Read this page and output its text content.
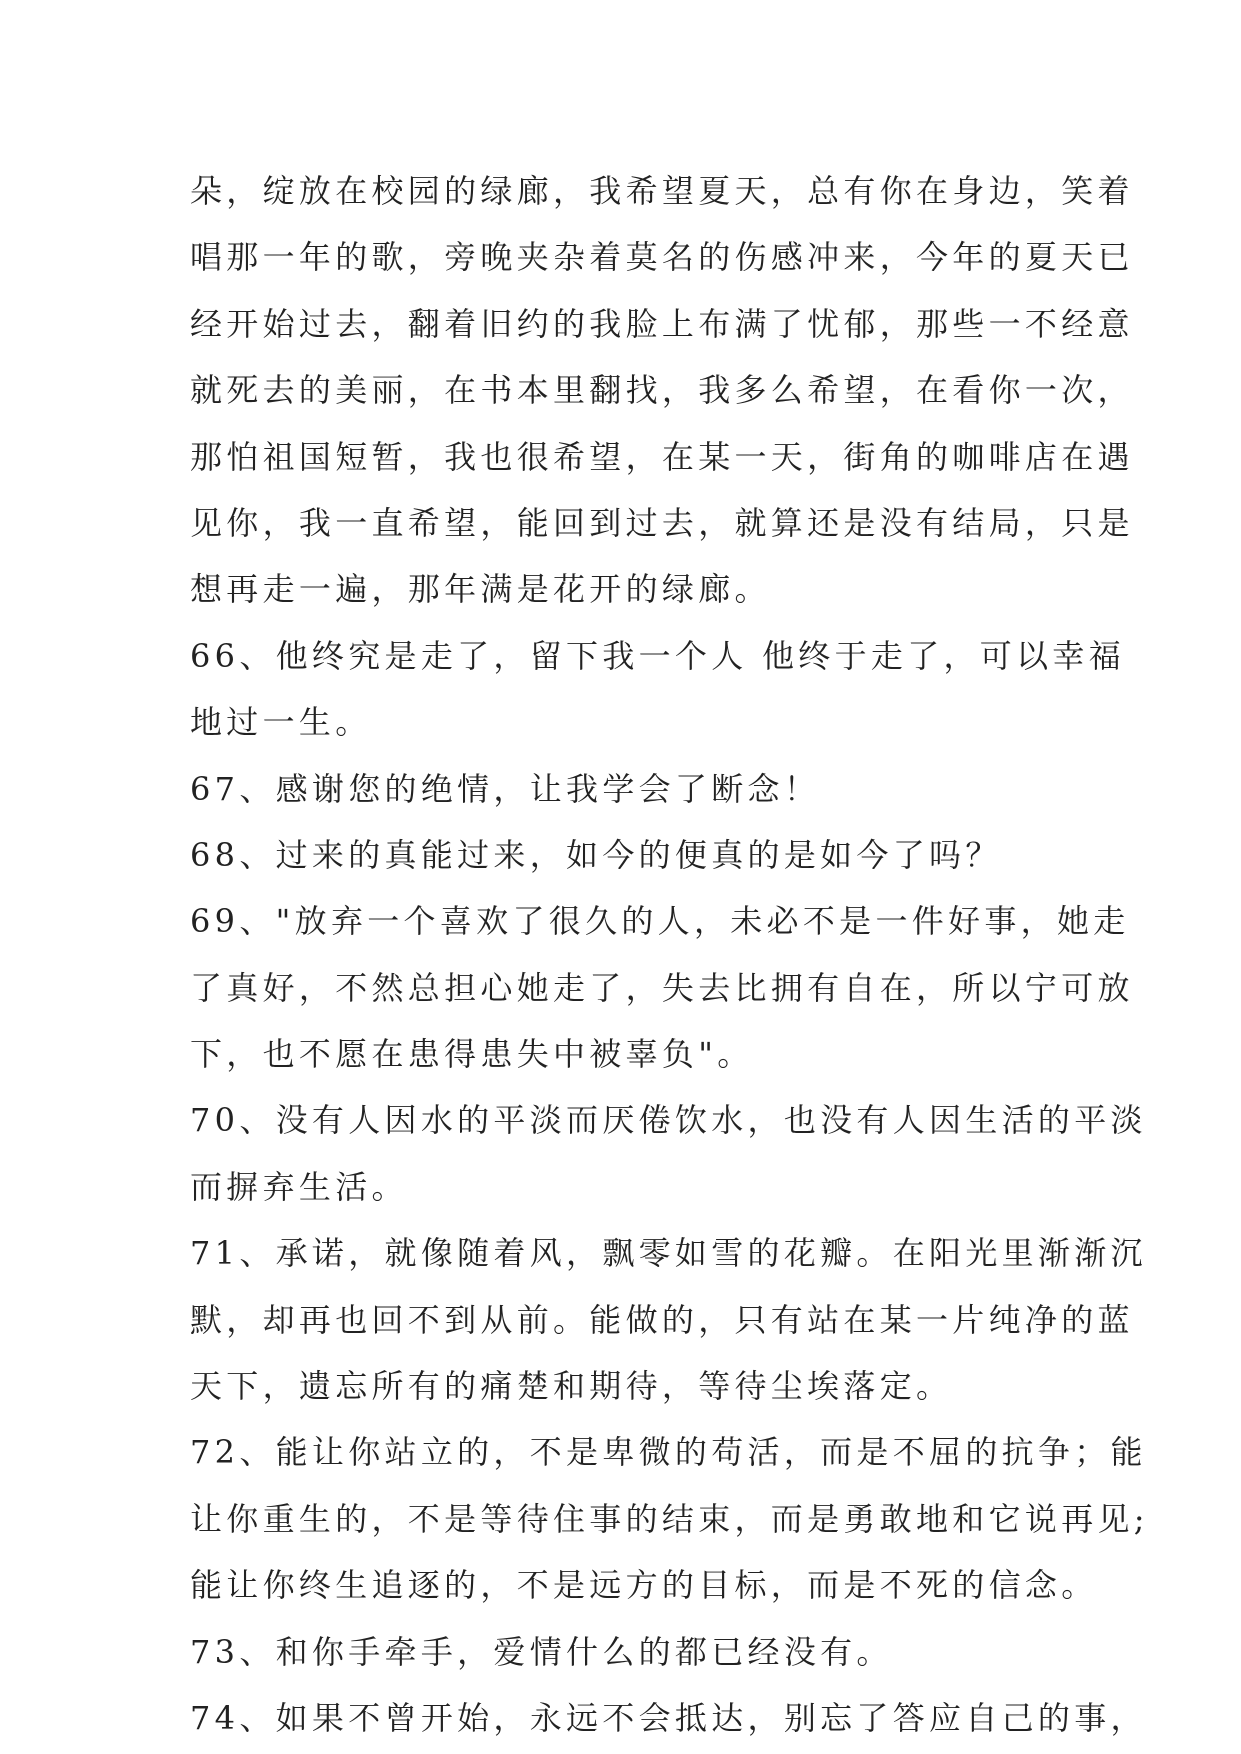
朵，绽放在校园的绿廊，我希望夏天，总有你在身边，笑着
唱那一年的歌，旁晚夹杂着莫名的伤感冲来，今年的夏天已
经开始过去，翻着旧约的我脸上布满了忧郁，那些一不经意
就死去的美丽，在书本里翻找，我多么希望，在看你一次，
那怕祖国短暂，我也很希望，在某一天，街角的咖啡店在遇
见你，我一直希望，能回到过去，就算还是没有结局，只是
想再走一遍，那年满是花开的绿廊。
66、他终究是走了，留下我一个人 他终于走了，可以幸福
地过一生。
67、感谢您的绝情，让我学会了断念！
68、过来的真能过来，如今的便真的是如今了吗？
69、"放弃一个喜欢了很久的人，未必不是一件好事，她走
了真好，不然总担心她走了，失去比拥有自在，所以宁可放
下，也不愿在患得患失中被辜负"。
70、没有人因水的平淡而厌倦饮水，也没有人因生活的平淡
而摒弃生活。
71、承诺，就像随着风，飘零如雪的花瓣。在阳光里渐渐沉
默，却再也回不到从前。能做的，只有站在某一片纯净的蓝
天下，遗忘所有的痛楚和期待，等待尘埃落定。
72、能让你站立的，不是卑微的苟活，而是不屈的抗争；能
让你重生的，不是等待住事的结束，而是勇敢地和它说再见;
能让你终生追逐的，不是远方的目标，而是不死的信念。
73、和你手牵手，爱情什么的都已经没有。
74、如果不曾开始，永远不会抵达，别忘了答应自己的事，
